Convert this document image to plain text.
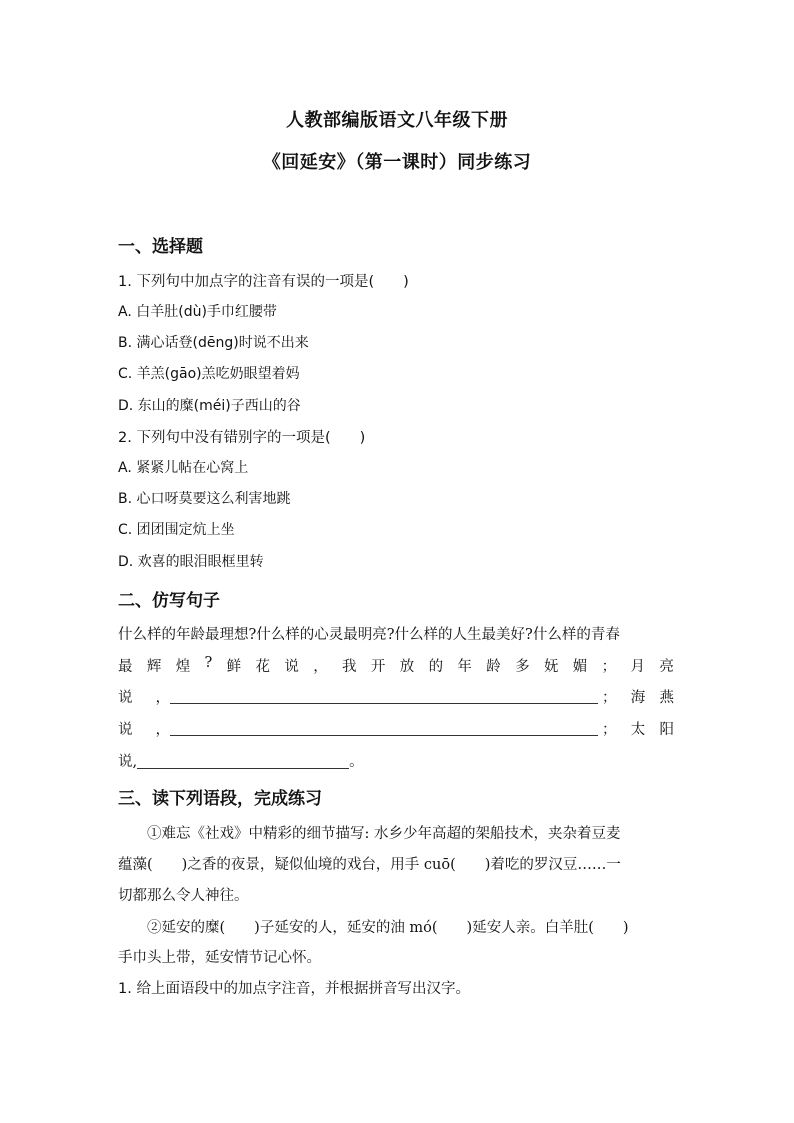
人教部编版语文八年级下册
《回延安》（第一课时）同步练习
一、选择题
1. 下列句中加点字的注音有误的一项是(　　)
A. 白羊肚(dù)手巾红腰带
B. 满心话登(dēng)时说不出来
C. 羊羔(gāo)羔吃奶眼望着妈
D. 东山的糜(méi)子西山的谷
2. 下列句中没有错别字的一项是(　　)
A. 紧紧儿帖在心窝上
B. 心口呀莫要这么利害地跳
C. 团团围定炕上坐
D. 欢喜的眼泪眼框里转
二、仿写句子
什么样的年龄最理想?什么样的心灵最明亮?什么样的人生最美好?什么样的青春
最 辉 煌 ? 鲜 花 说 ， 我 开 放 的 年 龄 多 妩 媚 ； 月 亮
说 ，	； 海 燕
说 ，	； 太 阳
说,	。
三、读下列语段，完成练习
①难忘《社戏》中精彩的细节描写: 水乡少年高超的架船技术，夹杂着豆麦
蕴藻(　　)之香的夜景，疑似仙境的戏台，用手 cuō(　　)着吃的罗汉豆……一
切都那么令人神往。
②延安的糜(　　)子延安的人，延安的油 mó(　　)延安人亲。白羊肚(　　)
手巾头上带，延安情节记心怀。
1. 给上面语段中的加点字注音，并根据拼音写出汉字。
